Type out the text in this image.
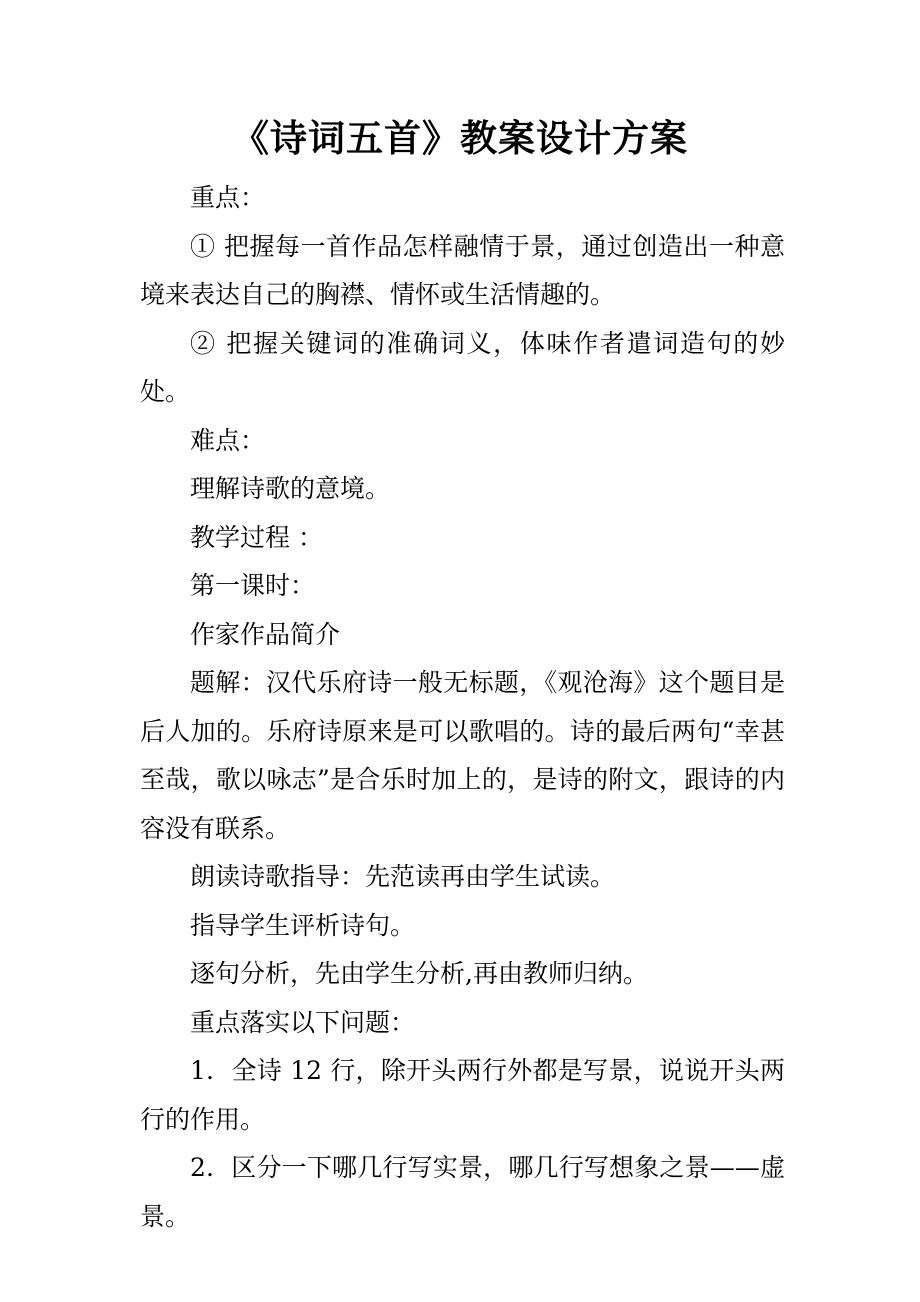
《诗词五首》教案设计方案

重点：

① 把握每一首作品怎样融情于景，通过创造出一种意境来表达自己的胸襟、情怀或生活情趣的。

② 把握关键词的准确词义，体味作者遣词造句的妙处。

难点：

理解诗歌的意境。

教学过程 ：

第一课时：

作家作品简介

题解：汉代乐府诗一般无标题，《观沧海》这个题目是后人加的。乐府诗原来是可以歌唱的。诗的最后两句“幸甚至哉，歌以咏志”是合乐时加上的，是诗的附文，跟诗的内容没有联系。

朗读诗歌指导：先范读再由学生试读。

指导学生评析诗句。

逐句分析，先由学生分析,再由教师归纳。

重点落实以下问题：

1．全诗 12 行，除开头两行外都是写景，说说开头两行的作用。

2．区分一下哪几行写实景，哪几行写想象之景——虚景。
